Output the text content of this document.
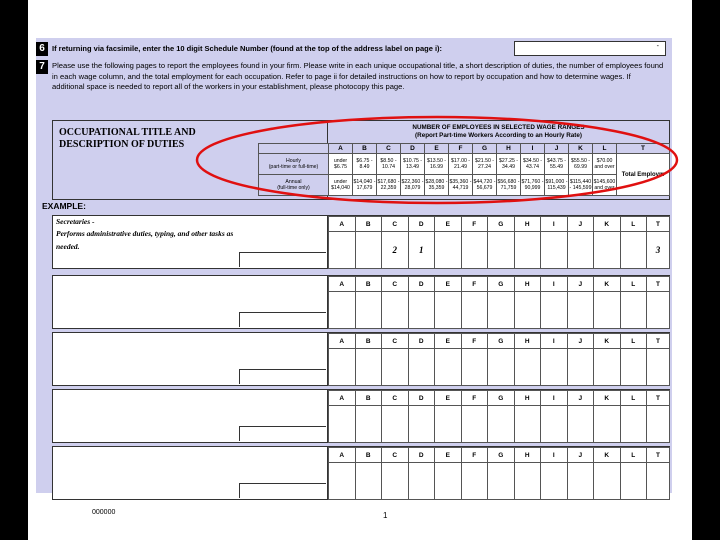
6 If returning via facsimile, enter the 10 digit Schedule Number (found at the top of the address label on page i):	-
7 Please use the following pages to report the employees found in your firm. Please write in each unique occupational title, a short description of duties, the number of employees found in each wage column, and the total employment for each occupation. Refer to page ii for detailed instructions on how to report by occupation and how to determine wages. If additional space is needed to report all of the workers in your establishment, please photocopy this page.
OCCUPATIONAL TITLE AND DESCRIPTION OF DUTIES
NUMBER OF EMPLOYEES IN SELECTED WAGE RANGES
(Report Part-time Workers According to an Hourly Rate)
	A	B	C	D	E	F	G	H	I	J	K	L	T
Hourly
(part-time or full-time)	under $6.75	$6.75 - 8.49	$8.50 - 10.74	$10.75 - 13.49	$13.50 - 16.99	$17.00 - 21.49	$21.50 - 27.24	$27.25 - 34.49	$34.50 - 43.74	$43.75 - 55.49	$55.50 - 69.99	$70.00 and over	Total Employm
Annual
(full-time only)	under $14,040	$14,040 - 17,679	$17,680 - 22,359	$22,360 - 28,079	$28,080 - 35,359	$35,360 - 44,719	$44,720 - 56,679	$56,680 - 71,759	$71,760 - 90,999	$91,000 - 115,439	$115,440 - 145,599	$145,600 and over	
EXAMPLE:
Secretaries -
Performs administrative duties, typing, and other tasks as
needed.
A	B	C	D	E	F	G	H	I	J	K	L	T
		2	1									3
A	B	C	D	E	F	G	H	I	J	K	L	T

A	B	C	D	E	F	G	H	I	J	K	L	T

A	B	C	D	E	F	G	H	I	J	K	L	T

A	B	C	D	E	F	G	H	I	J	K	L	T

000000	1
